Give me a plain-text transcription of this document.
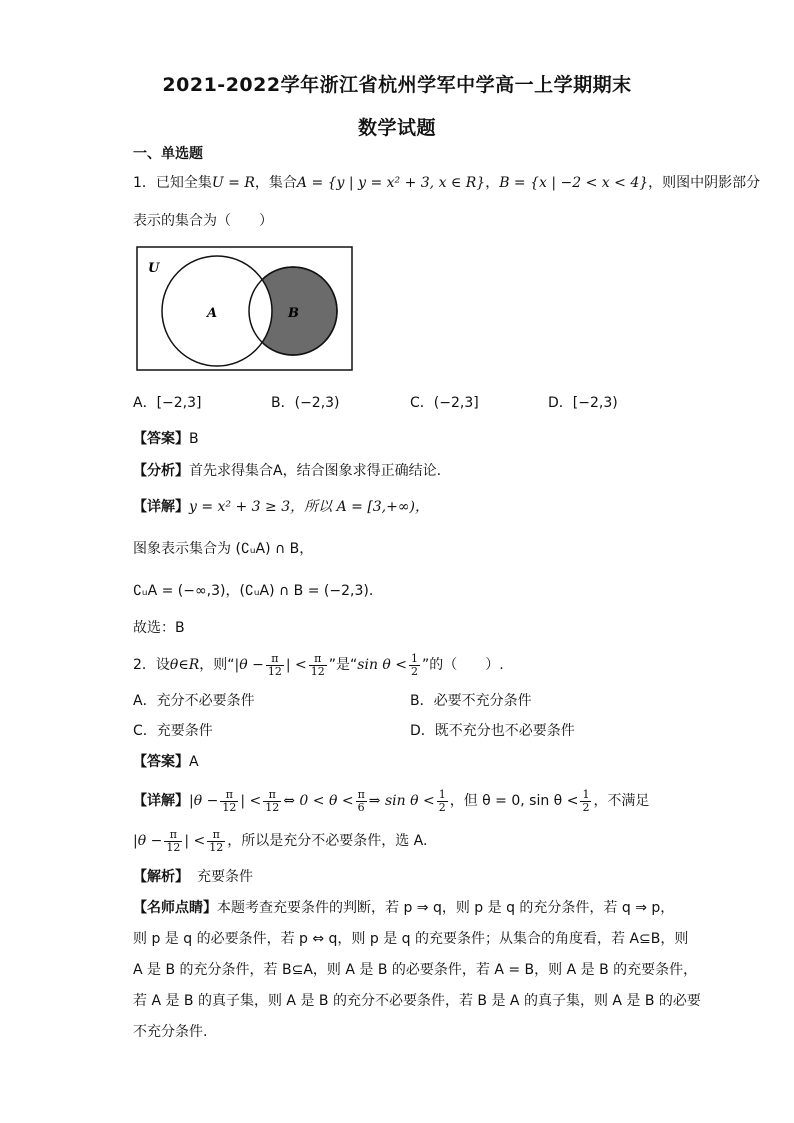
2021-2022学年浙江省杭州学军中学高一上学期期末
数学试题
一、单选题
1．已知全集U = R，集合A = {y | y = x² + 3, x ∈ R}，B = {x | −2 < x < 4}，则图中阴影部分
表示的集合为（　　）
U
A	B
A．[−2,3]	B．(−2,3)	C．(−2,3]	D．[−2,3)
【答案】B
【分析】首先求得集合A，结合图象求得正确结论.
【详解】y = x² + 3 ≥ 3，所以 A = [3,+∞)，
图象表示集合为 (∁ᵤA) ∩ B，
∁ᵤA = (−∞,3)，(∁ᵤA) ∩ B = (−2,3).
故选：B
2．设θ∈R，则“$|\theta - \frac{\pi}{12}$ | < $\frac{\pi}{12}$ ”是“sin $\theta < \frac{1}{2}$ ”的（　　）.
A．充分不必要条件	B．必要不充分条件
C．充要条件	D．既不充分也不必要条件
【答案】A
【详解】$|\theta - \frac{\pi}{12}$ | < $\frac{\pi}{12}$ ⇔ $0 < \theta < \frac{\pi}{6}$ ⇒ $\sin \theta < \frac{1}{2}$ ，但 θ = 0, $\sin \theta < \frac{1}{2}$ ，不满足
$|\theta - \frac{\pi}{12}$ | < $\frac{\pi}{12}$ ，所以是充分不必要条件，选 A.
【解析】 充要条件
【名师点睛】本题考查充要条件的判断，若 p ⇒ q，则 p 是 q 的充分条件，若 q ⇒ p，
则 p 是 q 的必要条件，若 p ⇔ q，则 p 是 q 的充要条件；从集合的角度看，若 A⊆B，则
A 是 B 的充分条件，若 B⊆A，则 A 是 B 的必要条件，若 A = B，则 A 是 B 的充要条件，
若 A 是 B 的真子集，则 A 是 B 的充分不必要条件，若 B 是 A 的真子集，则 A 是 B 的必要
不充分条件.
